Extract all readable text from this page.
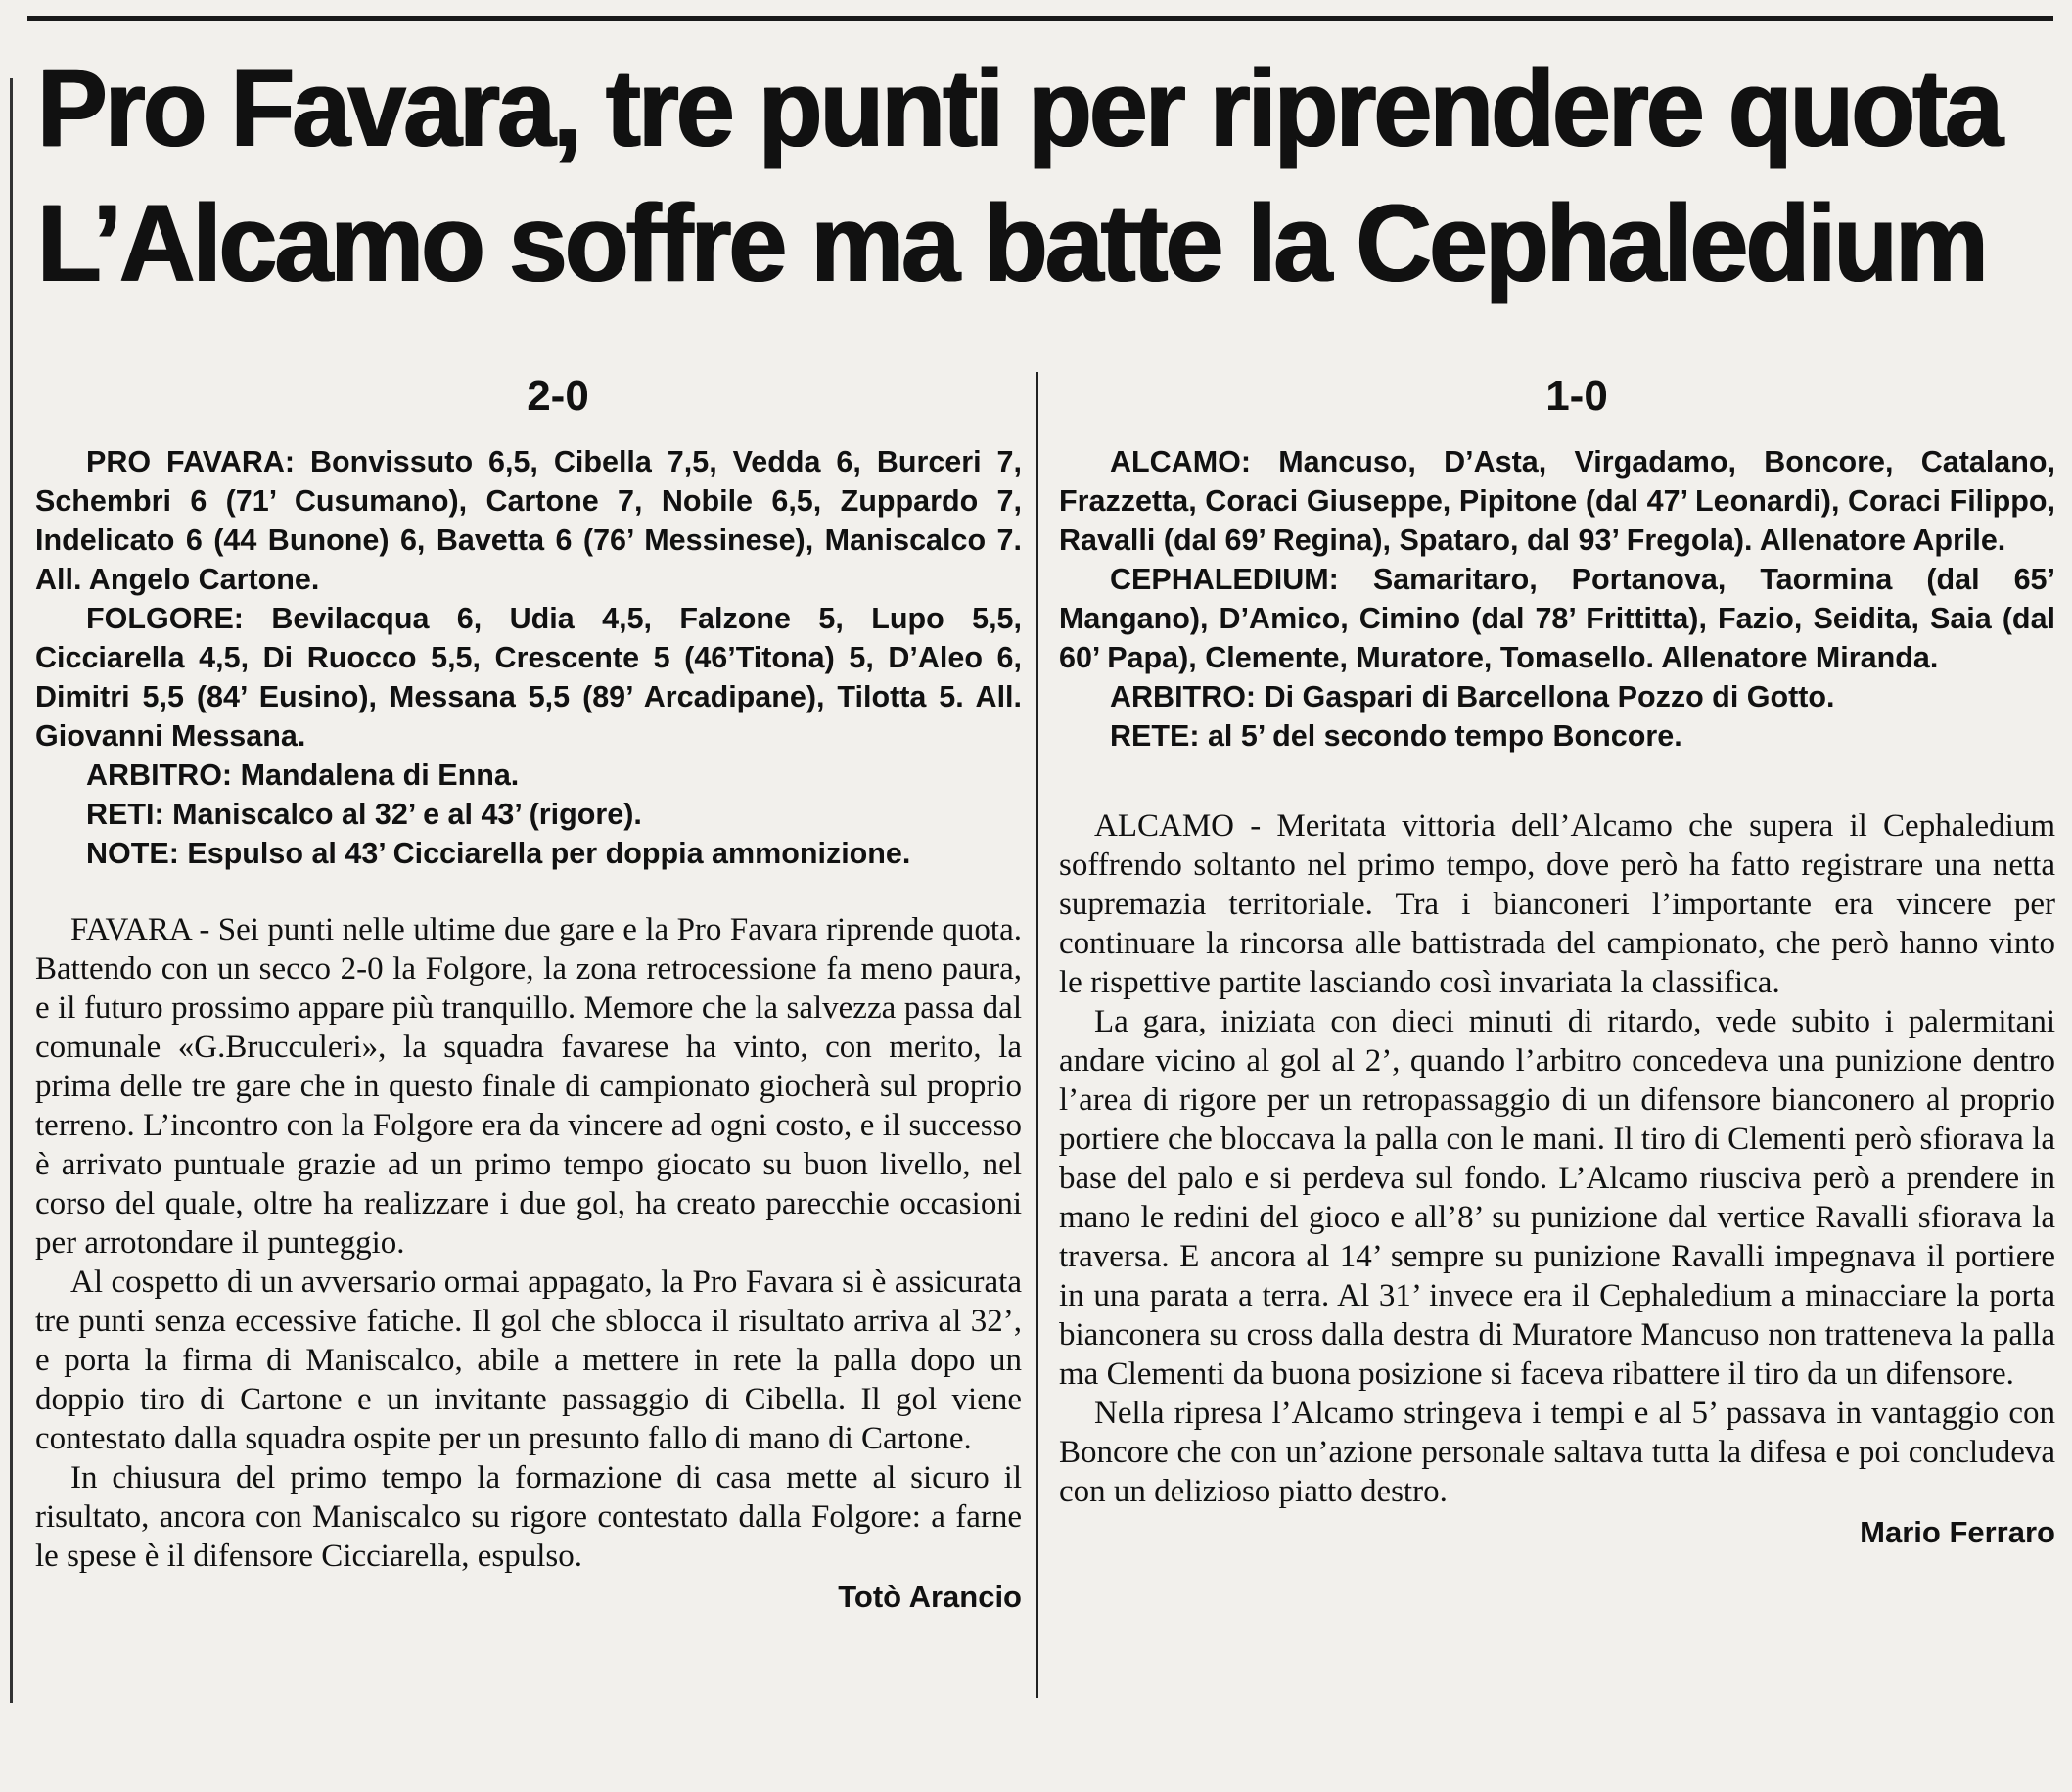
Pro Favara, tre punti per riprendere quota
L’Alcamo soffre ma batte la Cephaledium
2-0

PRO FAVARA: Bonvissuto 6,5, Cibella 7,5, Vedda 6, Burceri 7, Schembri 6 (71’ Cusumano), Cartone 7, Nobile 6,5, Zuppardo 7, Indelicato 6 (44 Bunone) 6, Bavetta 6 (76’ Messinese), Maniscalco 7. All. Angelo Cartone.

FOLGORE: Bevilacqua 6, Udia 4,5, Falzone 5, Lupo 5,5, Cicciarella 4,5, Di Ruocco 5,5, Crescente 5 (46’Titona) 5, D’Aleo 6, Dimitri 5,5 (84’ Eusino), Messana 5,5 (89’ Arcadipane), Tilotta 5. All. Giovanni Messana.

ARBITRO: Mandalena di Enna.

RETI: Maniscalco al 32’ e al 43’ (rigore).

NOTE: Espulso al 43’ Cicciarella per doppia ammonizione.

FAVARA - Sei punti nelle ultime due gare e la Pro Favara riprende quota. Battendo con un secco 2-0 la Folgore, la zona retrocessione fa meno paura, e il futuro prossimo appare più tranquillo. Memore che la salvezza passa dal comunale «G.Brucculeri», la squadra favarese ha vinto, con merito, la prima delle tre gare che in questo finale di campionato giocherà sul proprio terreno. L’incontro con la Folgore era da vincere ad ogni costo, e il successo è arrivato puntuale grazie ad un primo tempo giocato su buon livello, nel corso del quale, oltre ha realizzare i due gol, ha creato parecchie occasioni per arrotondare il punteggio.

Al cospetto di un avversario ormai appagato, la Pro Favara si è assicurata tre punti senza eccessive fatiche. Il gol che sblocca il risultato arriva al 32’, e porta la firma di Maniscalco, abile a mettere in rete la palla dopo un doppio tiro di Cartone e un invitante passaggio di Cibella. Il gol viene contestato dalla squadra ospite per un presunto fallo di mano di Cartone.

In chiusura del primo tempo la formazione di casa mette al sicuro il risultato, ancora con Maniscalco su rigore contestato dalla Folgore: a farne le spese è il difensore Cicciarella, espulso.

Totò Arancio
1-0

ALCAMO: Mancuso, D’Asta, Virgadamo, Boncore, Catalano, Frazzetta, Coraci Giuseppe, Pipitone (dal 47’ Leonardi), Coraci Filippo, Ravalli (dal 69’ Regina), Spataro, dal 93’ Fregola). Allenatore Aprile.

CEPHALEDIUM: Samaritaro, Portanova, Taormina (dal 65’ Mangano), D’Amico, Cimino (dal 78’ Frittitta), Fazio, Seidita, Saia (dal 60’ Papa), Clemente, Muratore, Tomasello. Allenatore Miranda.

ARBITRO: Di Gaspari di Barcellona Pozzo di Gotto.

RETE: al 5’ del secondo tempo Boncore.

ALCAMO - Meritata vittoria dell’Alcamo che supera il Cephaledium soffrendo soltanto nel primo tempo, dove però ha fatto registrare una netta supremazia territoriale. Tra i bianconeri l’importante era vincere per continuare la rincorsa alle battistrada del campionato, che però hanno vinto le rispettive partite lasciando così invariata la classifica.

La gara, iniziata con dieci minuti di ritardo, vede subito i palermitani andare vicino al gol al 2’, quando l’arbitro concedeva una punizione dentro l’area di rigore per un retropassaggio di un difensore bianconero al proprio portiere che bloccava la palla con le mani. Il tiro di Clementi però sfiorava la base del palo e si perdeva sul fondo. L’Alcamo riusciva però a prendere in mano le redini del gioco e all’8’ su punizione dal vertice Ravalli sfiorava la traversa. E ancora al 14’ sempre su punizione Ravalli impegnava il portiere in una parata a terra. Al 31’ invece era il Cephaledium a minacciare la porta bianconera su cross dalla destra di Muratore Mancuso non tratteneva la palla ma Clementi da buona posizione si faceva ribattere il tiro da un difensore.

Nella ripresa l’Alcamo stringeva i tempi e al 5’ passava in vantaggio con Boncore che con un’azione personale saltava tutta la difesa e poi concludeva con un delizioso piatto destro.

Mario Ferraro
